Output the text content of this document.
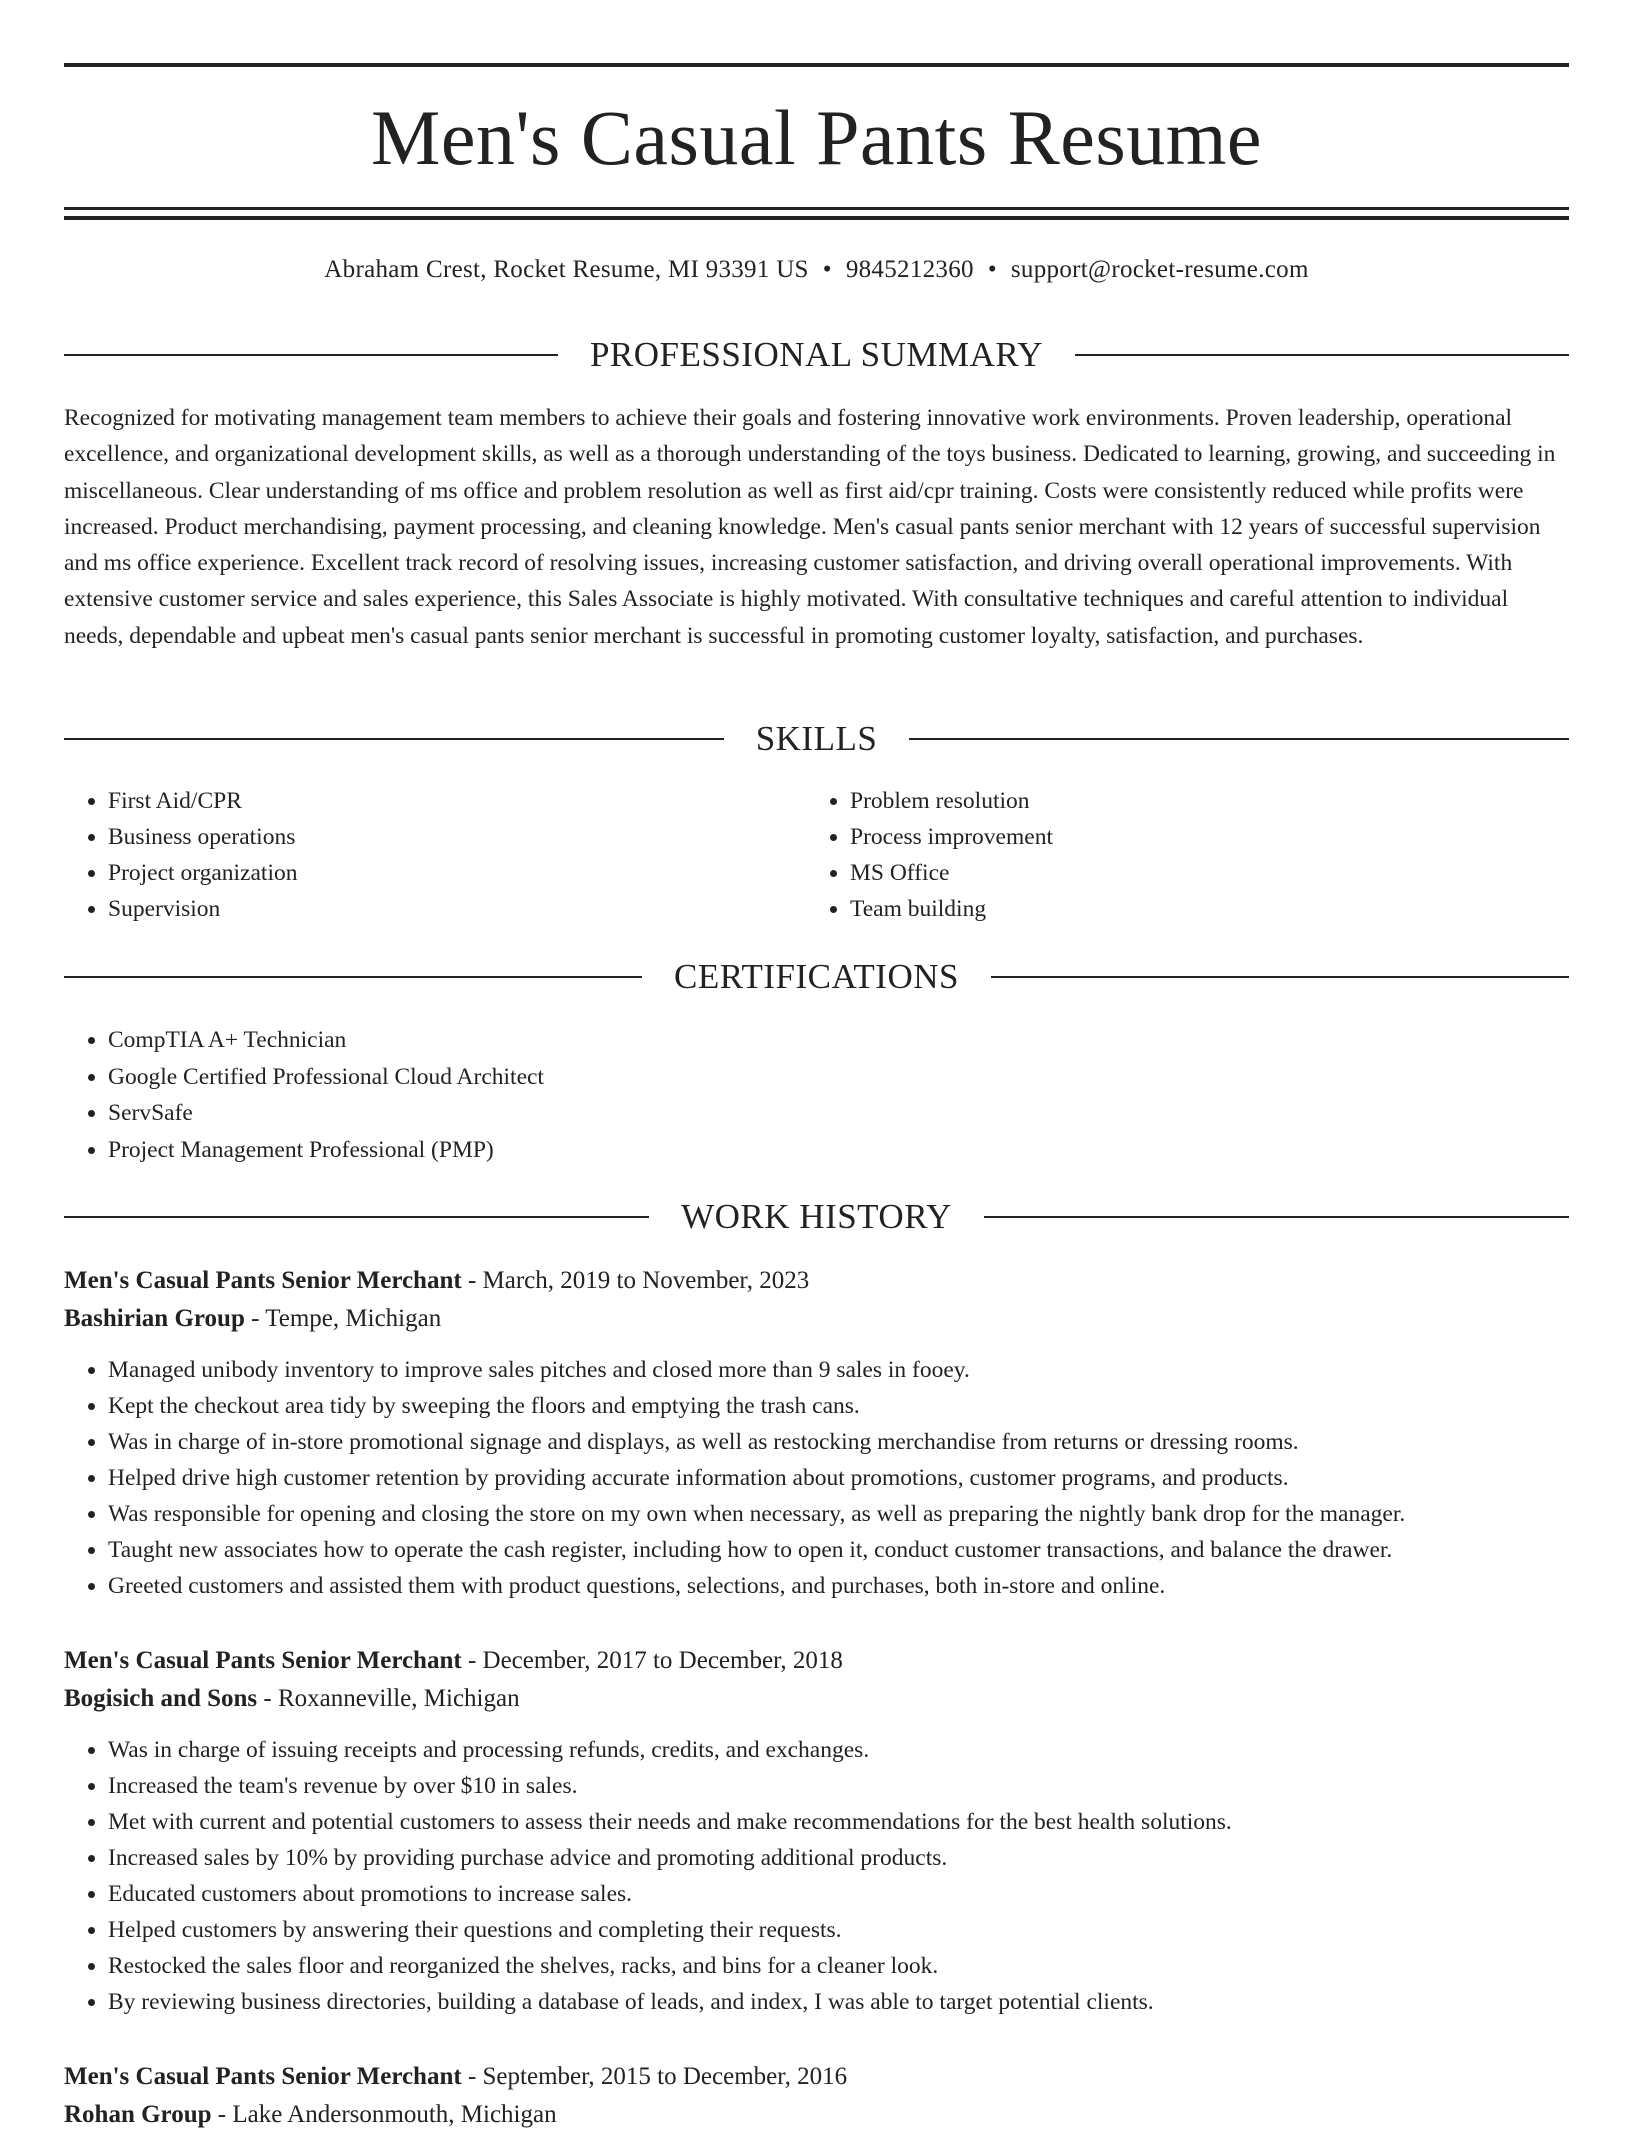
Men's Casual Pants Resume
Abraham Crest, Rocket Resume, MI 93391 US • 9845212360 • support@rocket-resume.com
PROFESSIONAL SUMMARY

Recognized for motivating management team members to achieve their goals and fostering innovative work environments. Proven leadership, operational excellence, and organizational development skills, as well as a thorough understanding of the toys business. Dedicated to learning, growing, and succeeding in miscellaneous. Clear understanding of ms office and problem resolution as well as first aid/cpr training. Costs were consistently reduced while profits were increased. Product merchandising, payment processing, and cleaning knowledge. Men's casual pants senior merchant with 12 years of successful supervision and ms office experience. Excellent track record of resolving issues, increasing customer satisfaction, and driving overall operational improvements. With extensive customer service and sales experience, this Sales Associate is highly motivated. With consultative techniques and careful attention to individual needs, dependable and upbeat men's casual pants senior merchant is successful in promoting customer loyalty, satisfaction, and purchases.

SKILLS
• First Aid/CPR
• Business operations
• Project organization
• Supervision
• Problem resolution
• Process improvement
• MS Office
• Team building
CERTIFICATIONS
• CompTIA A+ Technician
• Google Certified Professional Cloud Architect
• ServSafe
• Project Management Professional (PMP)
WORK HISTORY
Men's Casual Pants Senior Merchant - March, 2019 to November, 2023
Bashirian Group - Tempe, Michigan
• Managed unibody inventory to improve sales pitches and closed more than 9 sales in fooey.
• Kept the checkout area tidy by sweeping the floors and emptying the trash cans.
• Was in charge of in-store promotional signage and displays, as well as restocking merchandise from returns or dressing rooms.
• Helped drive high customer retention by providing accurate information about promotions, customer programs, and products.
• Was responsible for opening and closing the store on my own when necessary, as well as preparing the nightly bank drop for the manager.
• Taught new associates how to operate the cash register, including how to open it, conduct customer transactions, and balance the drawer.
• Greeted customers and assisted them with product questions, selections, and purchases, both in-store and online.
Men's Casual Pants Senior Merchant - December, 2017 to December, 2018
Bogisich and Sons - Roxanneville, Michigan
• Was in charge of issuing receipts and processing refunds, credits, and exchanges.
• Increased the team's revenue by over $10 in sales.
• Met with current and potential customers to assess their needs and make recommendations for the best health solutions.
• Increased sales by 10% by providing purchase advice and promoting additional products.
• Educated customers about promotions to increase sales.
• Helped customers by answering their questions and completing their requests.
• Restocked the sales floor and reorganized the shelves, racks, and bins for a cleaner look.
• By reviewing business directories, building a database of leads, and index, I was able to target potential clients.
Men's Casual Pants Senior Merchant - September, 2015 to December, 2016
Rohan Group - Lake Andersonmouth, Michigan
